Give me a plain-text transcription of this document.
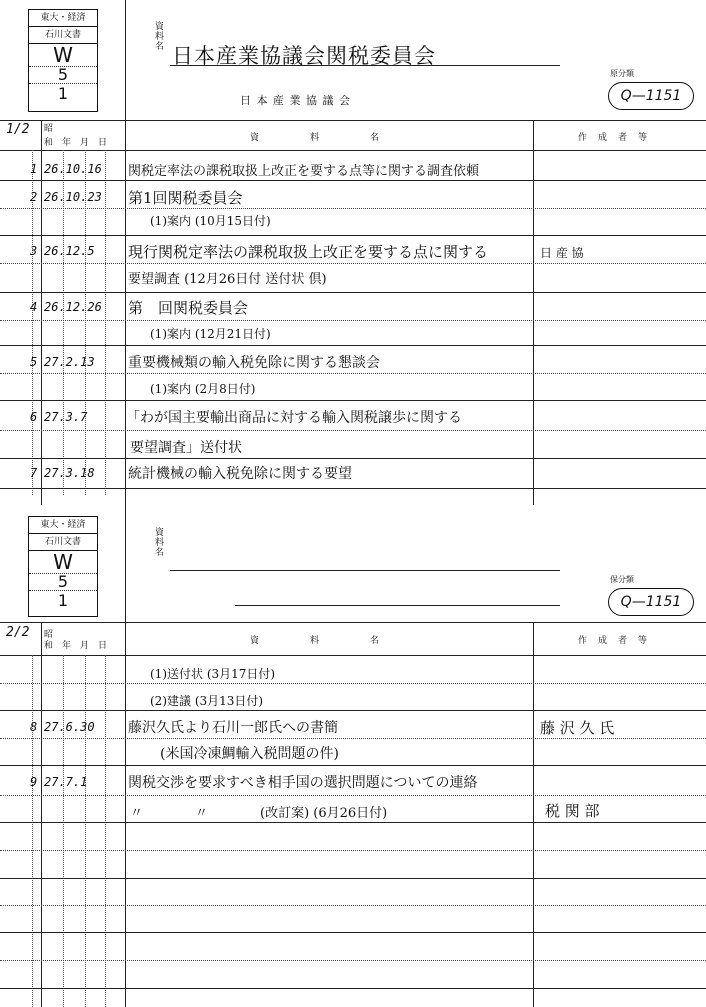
東大・経済
石川文書
W
5
1
資
料
名 日本産業協議会関税委員会
日 本 産 業 協 議 会
原分類
Q—1151
1/2 昭
和　年　月　日	資　　　　　料　　　　　名	作　成　者　等
1 26.10.16 関税定率法の課税取扱上改正を要する点等に関する調査依頼
2 26.10.23 第1回関税委員会
(1)案内 (10月15日付)
3 26.12.5 現行関税定率法の課税取扱上改正を要する点に関する	日 産 協
要望調査 (12月26日付 送付状 倶)
4 26.12.26 第　回関税委員会
(1)案内 (12月21日付)
5 27.2.13 重要機械類の輸入税免除に関する懇談会
(1)案内 (2月8日付)
6 27.3.7	「わが国主要輸出商品に対する輸入関税譲歩に関する
要望調査」送付状
7 27.3.18 統計機械の輸入税免除に関する要望
東大・経済
石川文書
W
5
1
資
料
名
保分類
Q—1151
2/2 昭
和　年　月　日	資　　　　　料　　　　　名	作　成　者　等
(1)送付状 (3月17日付)
(2)建議 (3月13日付)
8 27.6.30 藤沢久氏より石川一郎氏への書簡	藤 沢 久 氏
(米国冷凍鯛輸入税問題の件)
9 27.7.1	関税交渉を要求すべき相手国の選択問題についての連絡
〃　　　　〃　　　　(改訂案) (6月26日付)	税 関 部
